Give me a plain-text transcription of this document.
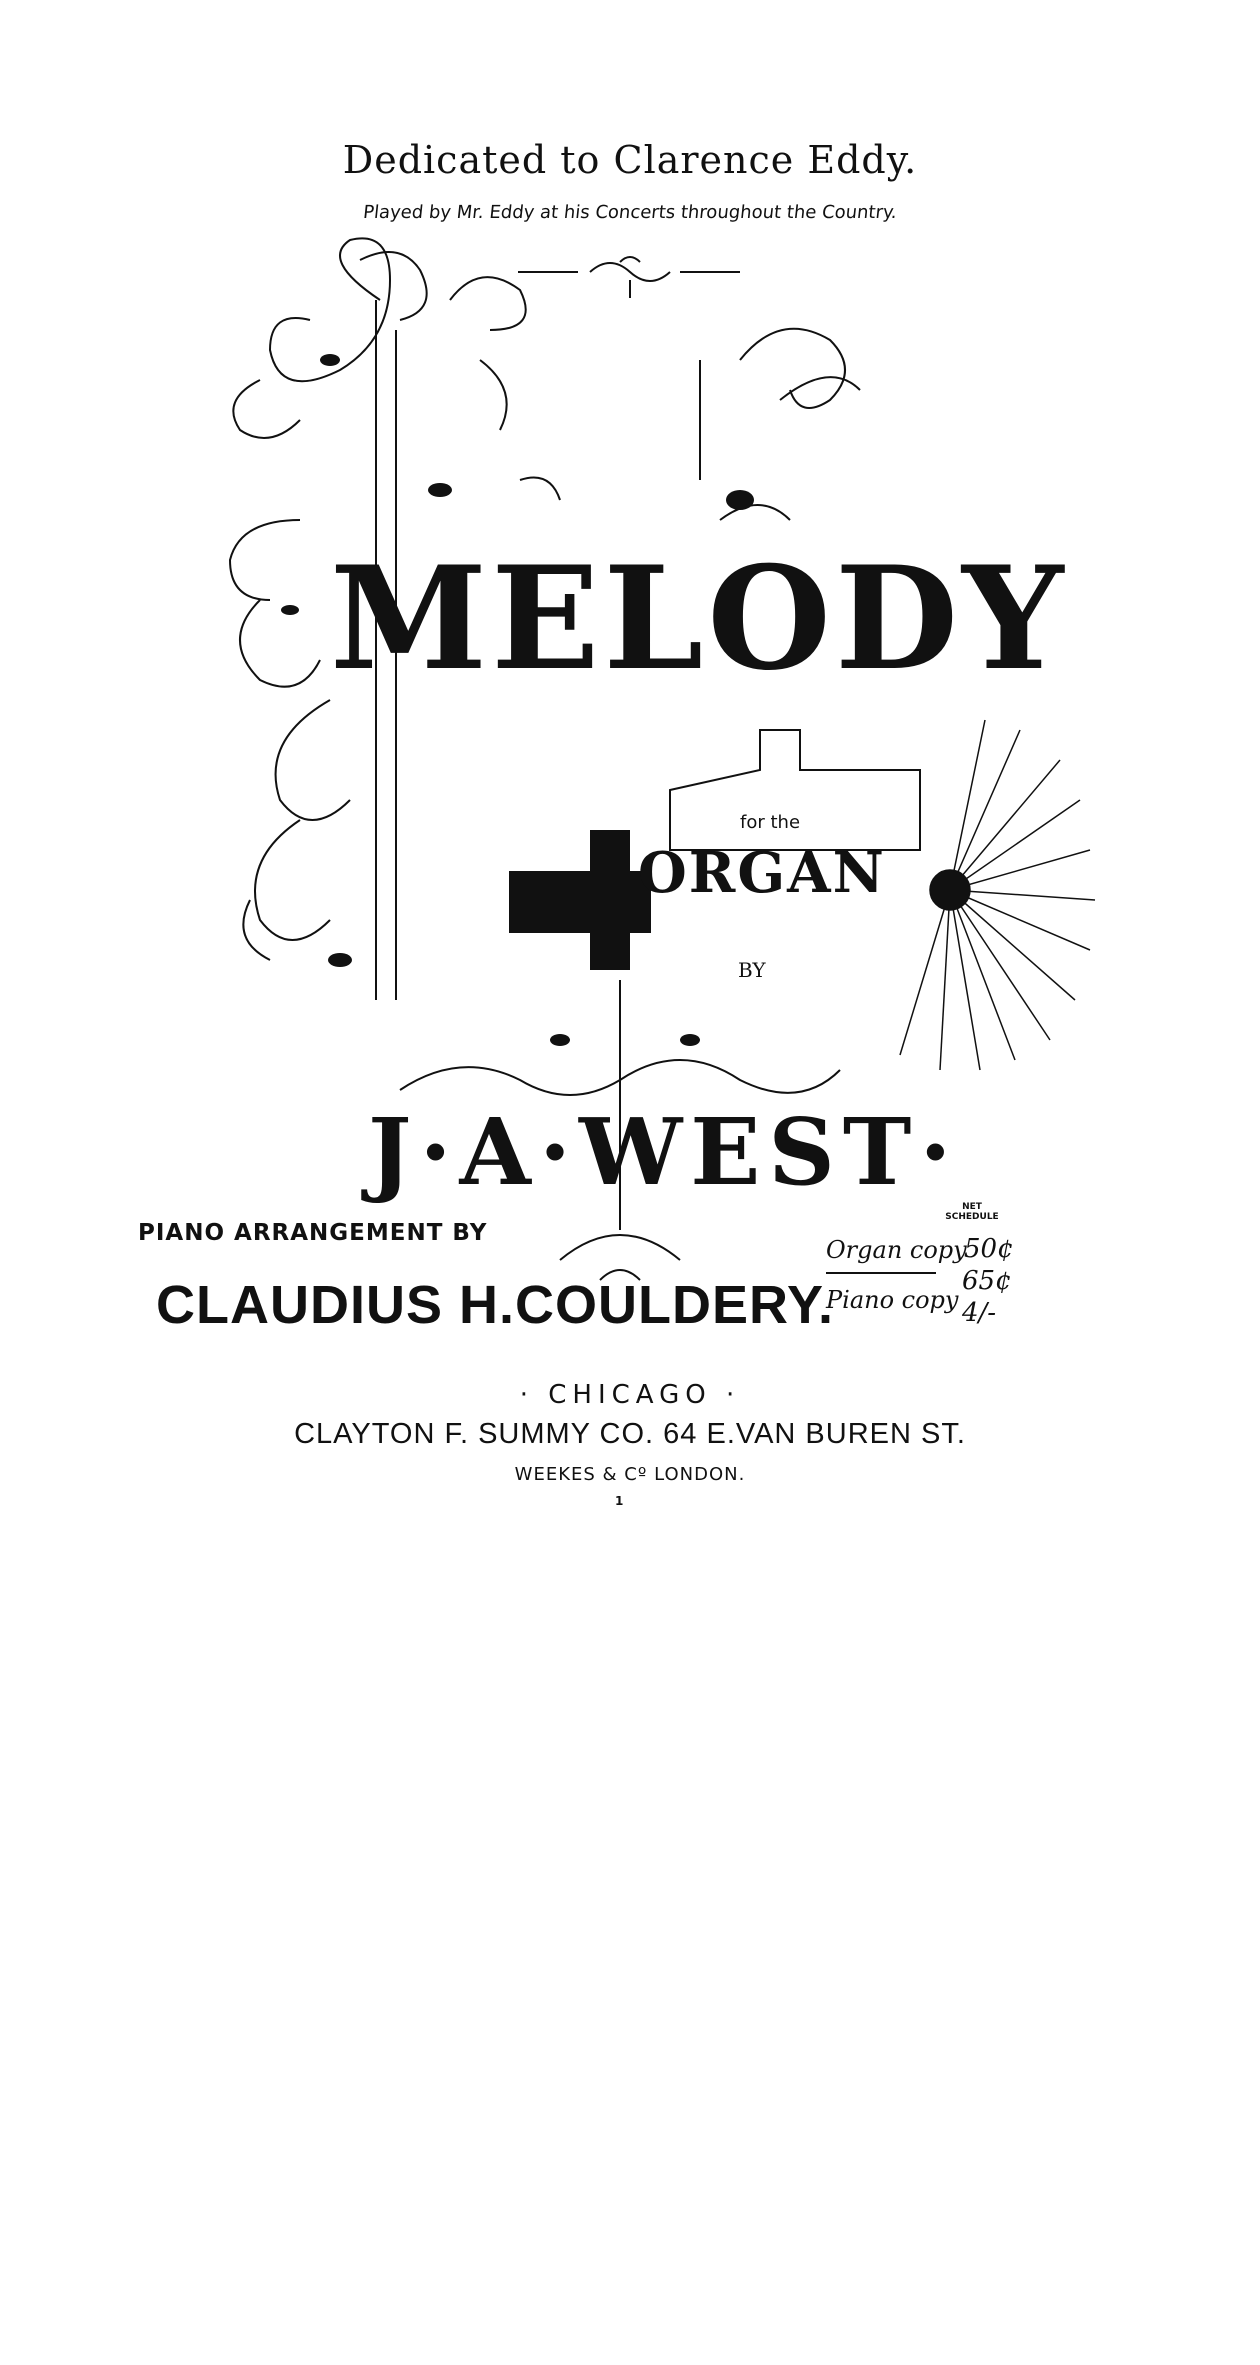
Dedicated to Clarence Eddy.
Played by Mr. Eddy at his Concerts throughout the Country.
MELODY
for the
ORGAN
BY
J·A·WEST·
PIANO ARRANGEMENT BY
CLAUDIUS H.COULDERY.
NET SCHEDULE
Organ copy
50¢
Piano copy
65¢
4/-
· CHICAGO ·
CLAYTON F. SUMMY CO. 64 E.VAN BUREN ST.
WEEKES & Cº LONDON.
1
